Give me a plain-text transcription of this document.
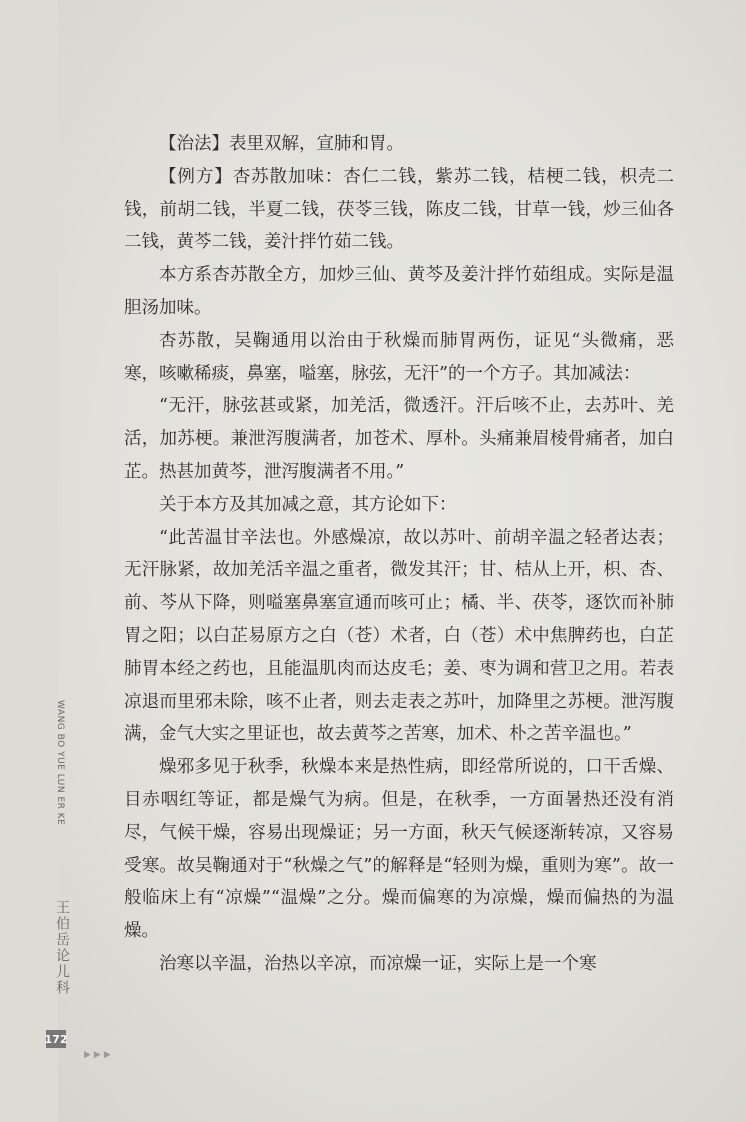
WANG BO YUE LUN ER KE
王伯岳论儿科
172
▶▶▶

【治法】表里双解，宣肺和胃。

【例方】杏苏散加味：杏仁二钱，紫苏二钱，桔梗二钱，枳壳二钱，前胡二钱，半夏二钱，茯苓三钱，陈皮二钱，甘草一钱，炒三仙各二钱，黄芩二钱，姜汁拌竹茹二钱。

本方系杏苏散全方，加炒三仙、黄芩及姜汁拌竹茹组成。实际是温胆汤加味。

杏苏散，吴鞠通用以治由于秋燥而肺胃两伤，证见“头微痛，恶寒，咳嗽稀痰，鼻塞，嗌塞，脉弦，无汗”的一个方子。其加减法：

“无汗，脉弦甚或紧，加羌活，微透汗。汗后咳不止，去苏叶、羌活，加苏梗。兼泄泻腹满者，加苍术、厚朴。头痛兼眉棱骨痛者，加白芷。热甚加黄芩，泄泻腹满者不用。”

关于本方及其加减之意，其方论如下：

“此苦温甘辛法也。外感燥凉，故以苏叶、前胡辛温之轻者达表；无汗脉紧，故加羌活辛温之重者，微发其汗；甘、桔从上开，枳、杏、前、芩从下降，则嗌塞鼻塞宣通而咳可止；橘、半、茯苓，逐饮而补肺胃之阳；以白芷易原方之白（苍）术者，白（苍）术中焦脾药也，白芷肺胃本经之药也，且能温肌肉而达皮毛；姜、枣为调和营卫之用。若表凉退而里邪未除，咳不止者，则去走表之苏叶，加降里之苏梗。泄泻腹满，金气大实之里证也，故去黄芩之苦寒，加术、朴之苦辛温也。”

燥邪多见于秋季，秋燥本来是热性病，即经常所说的，口干舌燥、目赤咽红等证，都是燥气为病。但是，在秋季，一方面暑热还没有消尽，气候干燥，容易出现燥证；另一方面，秋天气候逐渐转凉，又容易受寒。故吴鞠通对于“秋燥之气”的解释是“轻则为燥，重则为寒”。故一般临床上有“凉燥”“温燥”之分。燥而偏寒的为凉燥，燥而偏热的为温燥。

治寒以辛温，治热以辛凉，而凉燥一证，实际上是一个寒
